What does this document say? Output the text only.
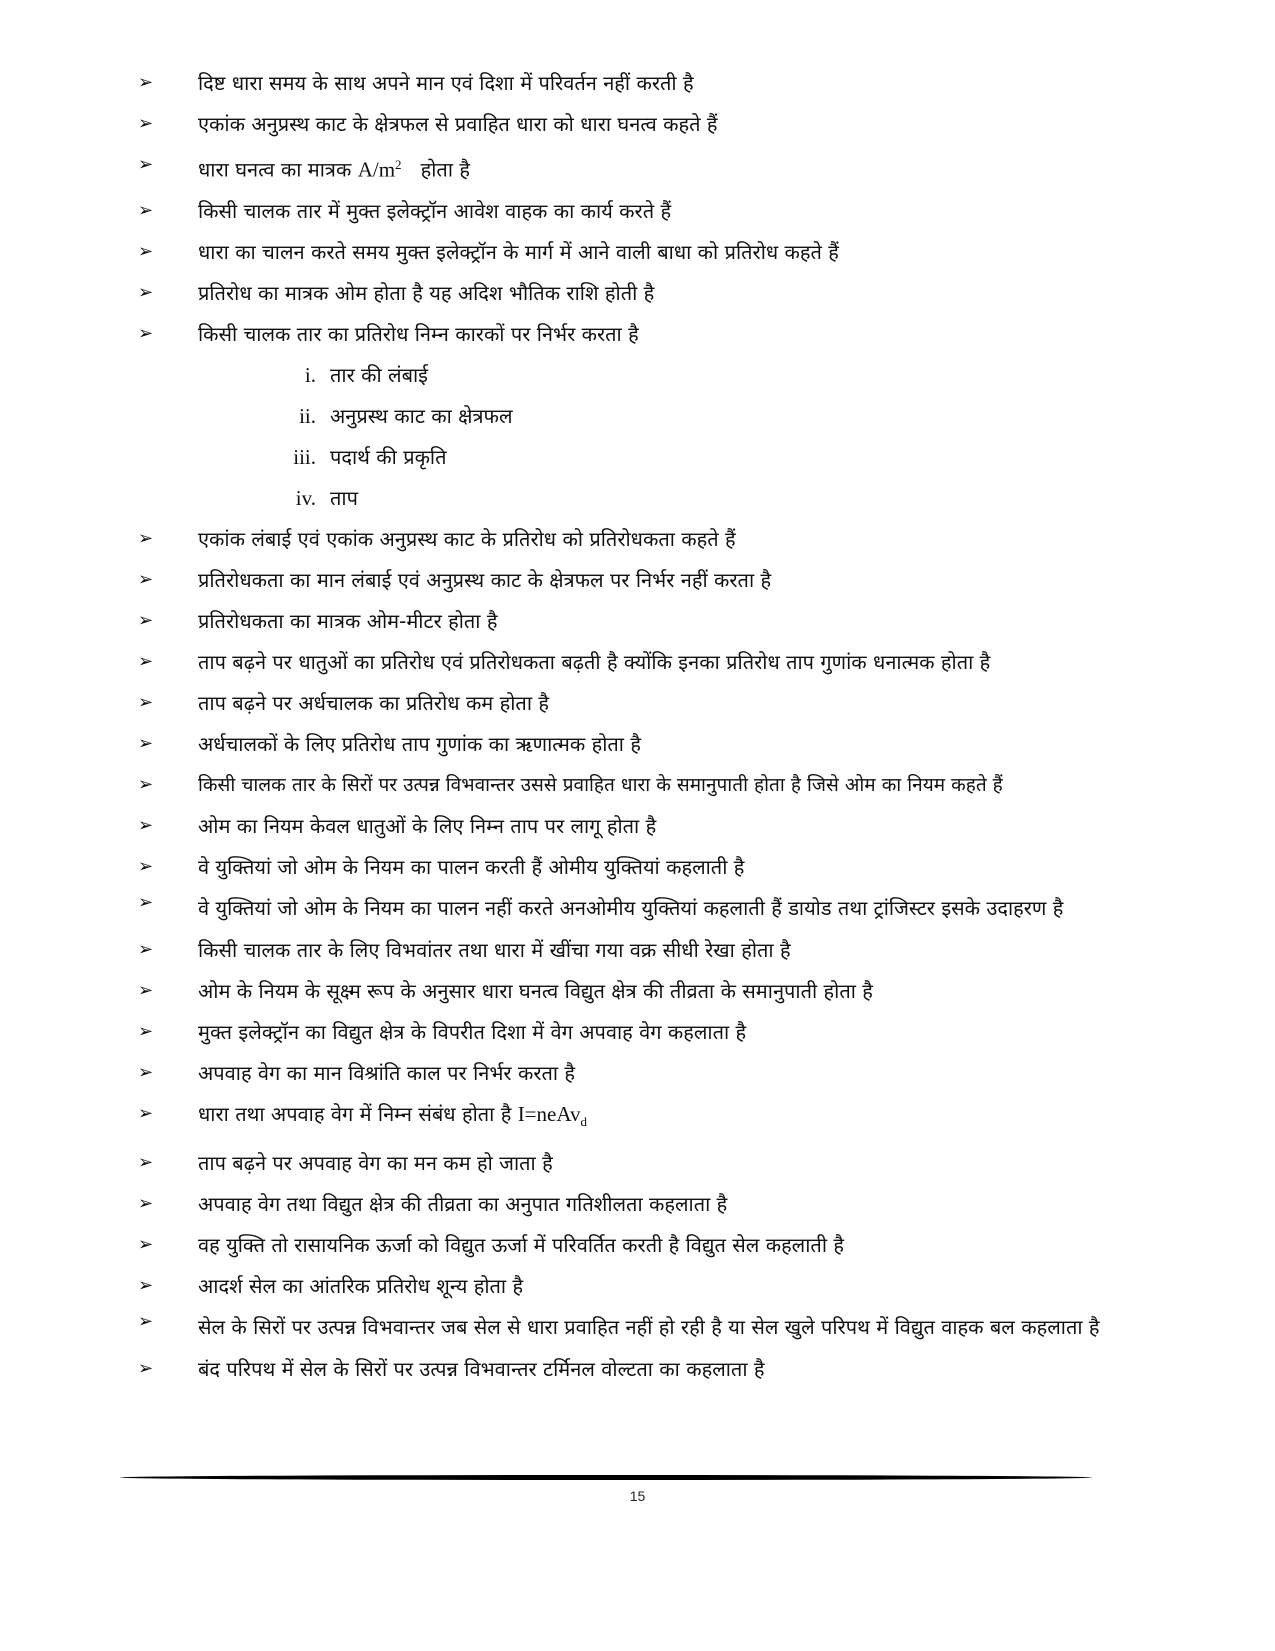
➢	दिष्ट धारा समय के साथ अपने मान एवं दिशा में परिवर्तन नहीं करती है
➢	एकांक अनुप्रस्थ काट के क्षेत्रफल से प्रवाहित धारा को धारा घनत्व कहते हैं
➢	धारा घनत्व का मात्रक $A/m^2$   होता है
➢	किसी चालक तार में मुक्त इलेक्ट्रॉन आवेश वाहक का कार्य करते हैं
➢	धारा का चालन करते समय मुक्त इलेक्ट्रॉन के मार्ग में आने वाली बाधा को प्रतिरोध कहते हैं
➢	प्रतिरोध का मात्रक ओम होता है यह अदिश भौतिक राशि होती है
➢	किसी चालक तार का प्रतिरोध निम्न कारकों पर निर्भर करता है
i. तार की लंबाई
ii. अनुप्रस्थ काट का क्षेत्रफल
iii. पदार्थ की प्रकृति
iv. ताप
➢	एकांक लंबाई एवं एकांक अनुप्रस्थ काट के प्रतिरोध को प्रतिरोधकता कहते हैं
➢	प्रतिरोधकता का मान लंबाई एवं अनुप्रस्थ काट के क्षेत्रफल पर निर्भर नहीं करता है
➢	प्रतिरोधकता का मात्रक ओम-मीटर होता है
➢	ताप बढ़ने पर धातुओं का प्रतिरोध एवं प्रतिरोधकता बढ़ती है क्योंकि इनका प्रतिरोध ताप गुणांक धनात्मक होता है
➢	ताप बढ़ने पर अर्धचालक का प्रतिरोध कम होता है
➢	अर्धचालकों के लिए प्रतिरोध ताप गुणांक का ऋणात्मक होता है
➢	किसी चालक तार के सिरों पर उत्पन्न विभवान्तर उससे प्रवाहित धारा के समानुपाती होता है जिसे ओम का नियम कहते हैं
➢	ओम का नियम केवल धातुओं के लिए निम्न ताप पर लागू होता है
➢	वे युक्तियां जो ओम के नियम का पालन करती हैं ओमीय युक्तियां कहलाती है
➢	वे युक्तियां जो ओम के नियम का पालन नहीं करते अनओमीय युक्तियां कहलाती हैं डायोड तथा ट्रांजिस्टर इसके उदाहरण है
➢	किसी चालक तार के लिए विभवांतर तथा धारा में खींचा गया वक्र सीधी रेखा होता है
➢	ओम के नियम के सूक्ष्म रूप के अनुसार धारा घनत्व विद्युत क्षेत्र की तीव्रता के समानुपाती होता है
➢	मुक्त इलेक्ट्रॉन का विद्युत क्षेत्र के विपरीत दिशा में वेग अपवाह वेग कहलाता है
➢	अपवाह वेग का मान विश्रांति काल पर निर्भर करता है
➢	धारा तथा अपवाह वेग में निम्न संबंध होता है I=neAv$_d$
➢	ताप बढ़ने पर अपवाह वेग का मन कम हो जाता है
➢	अपवाह वेग तथा विद्युत क्षेत्र की तीव्रता का अनुपात गतिशीलता कहलाता है
➢	वह युक्ति तो रासायनिक ऊर्जा को विद्युत ऊर्जा में परिवर्तित करती है विद्युत सेल कहलाती है
➢	आदर्श सेल का आंतरिक प्रतिरोध शून्य होता है
➢	सेल के सिरों पर उत्पन्न विभवान्तर जब सेल से धारा प्रवाहित नहीं हो रही है या सेल खुले परिपथ में विद्युत वाहक बल कहलाता है
➢	बंद परिपथ में सेल के सिरों पर उत्पन्न विभवान्तर टर्मिनल वोल्टता का कहलाता है
15
